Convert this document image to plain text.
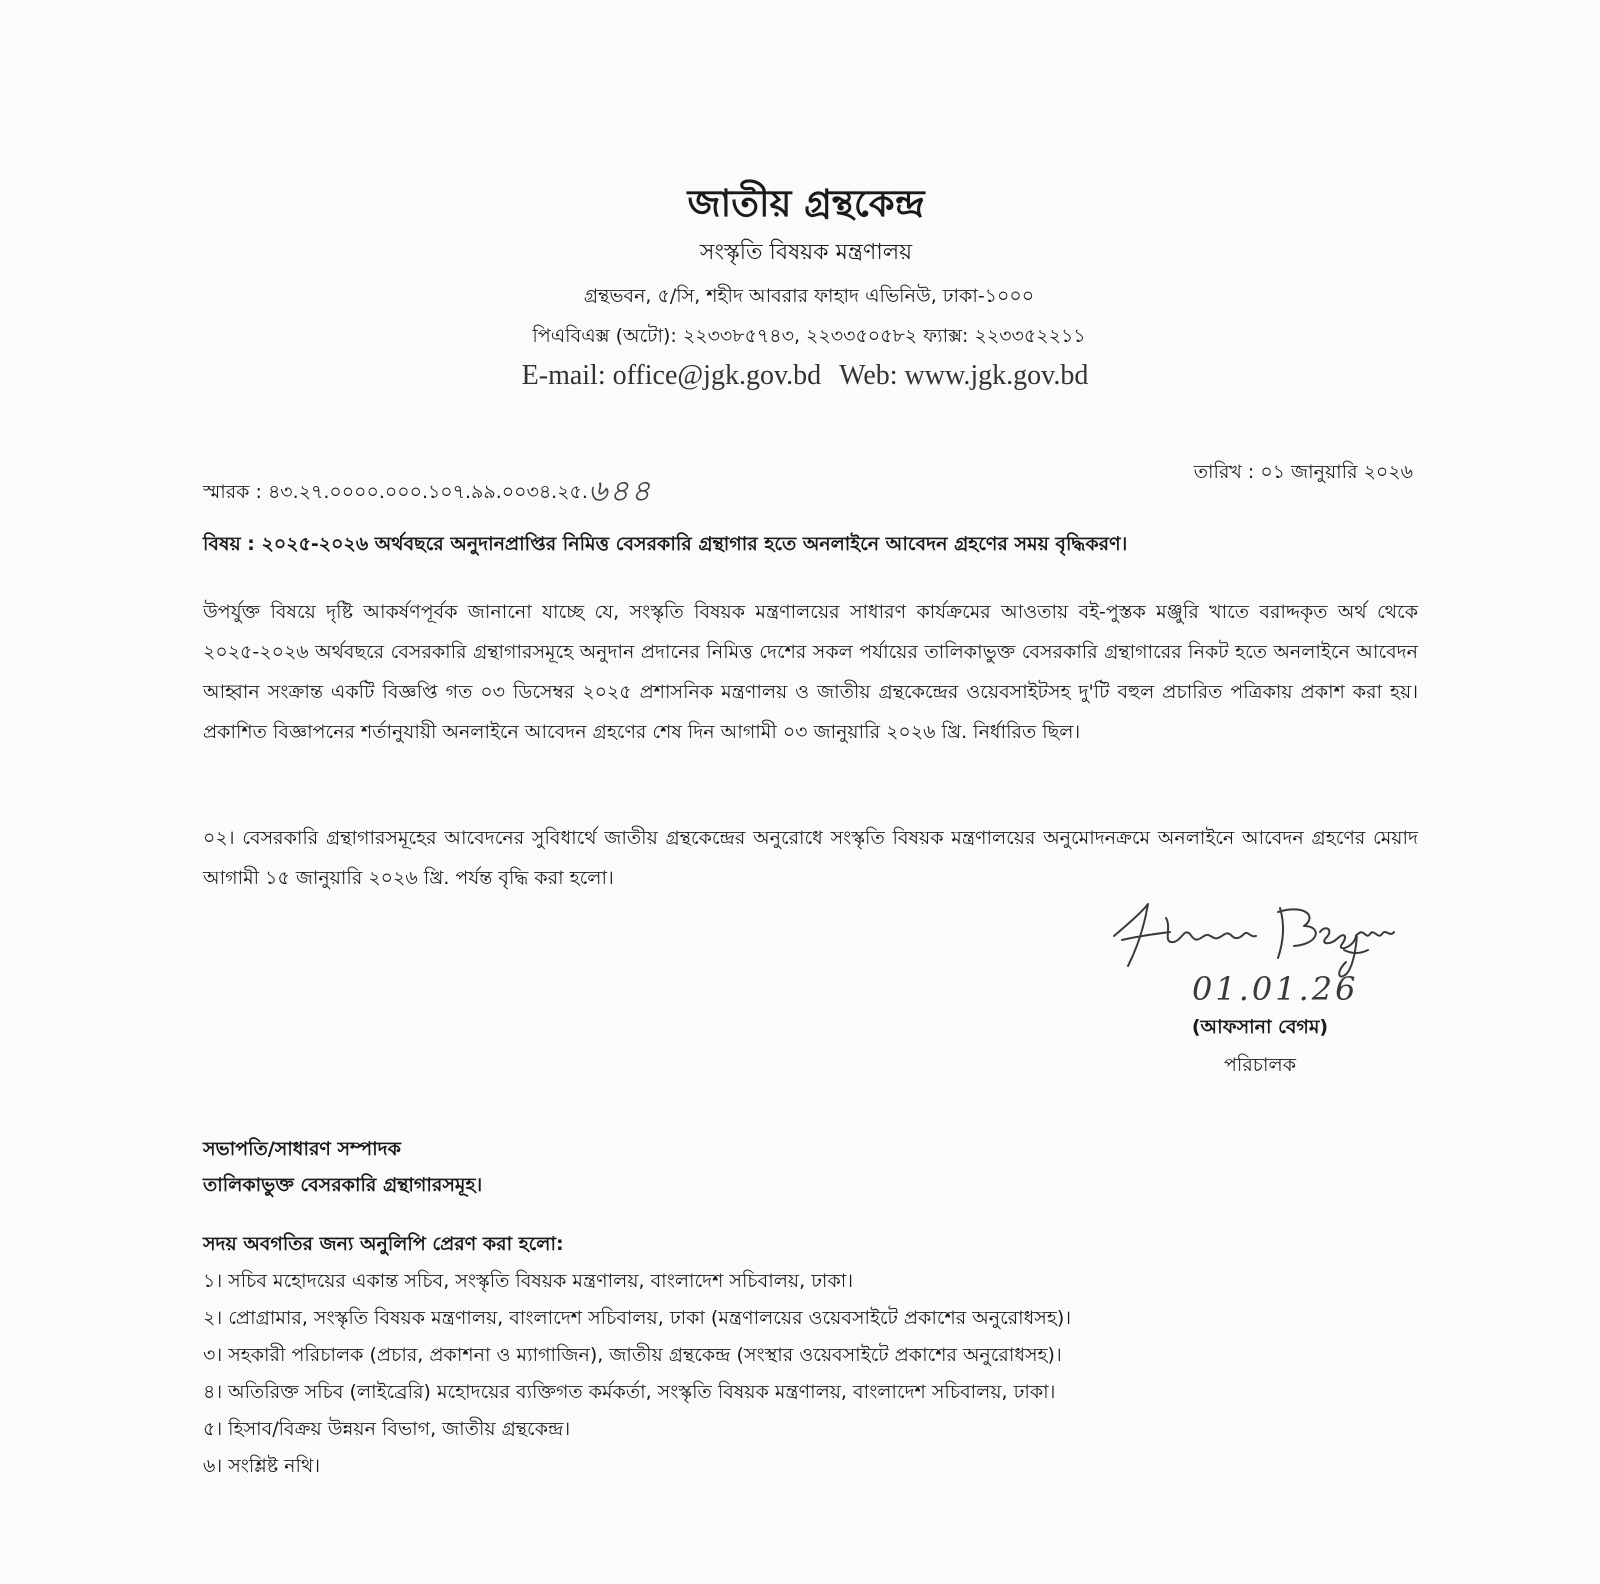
জাতীয় গ্রন্থকেন্দ্র
সংস্কৃতি বিষয়ক মন্ত্রণালয়
গ্রন্থভবন, ৫/সি, শহীদ আবরার ফাহাদ এভিনিউ, ঢাকা-১০০০
পিএবিএক্স (অটো): ২২৩৩৮৫৭৪৩, ২২৩৩৫০৫৮২ ফ্যাক্স: ২২৩৩৫২২১১
E-mail: office@jgk.gov.bd Web: www.jgk.gov.bd
স্মারক : ৪৩.২৭.০০০০.০০০.১০৭.৯৯.০০৩৪.২৫.৬৪৪
তারিখ : ০১ জানুয়ারি ২০২৬
বিষয় : ২০২৫-২০২৬ অর্থবছরে অনুদানপ্রাপ্তির নিমিত্ত বেসরকারি গ্রন্থাগার হতে অনলাইনে আবেদন গ্রহণের সময় বৃদ্ধিকরণ।
উপর্যুক্ত বিষয়ে দৃষ্টি আকর্ষণপূর্বক জানানো যাচ্ছে যে, সংস্কৃতি বিষয়ক মন্ত্রণালয়ের সাধারণ কার্যক্রমের আওতায় বই-পুস্তক মঞ্জুরি খাতে বরাদ্দকৃত অর্থ থেকে ২০২৫-২০২৬ অর্থবছরে বেসরকারি গ্রন্থাগারসমূহে অনুদান প্রদানের নিমিত্ত দেশের সকল পর্যায়ের তালিকাভুক্ত বেসরকারি গ্রন্থাগারের নিকট হতে অনলাইনে আবেদন আহ্বান সংক্রান্ত একটি বিজ্ঞপ্তি গত ০৩ ডিসেম্বর ২০২৫ প্রশাসনিক মন্ত্রণালয় ও জাতীয় গ্রন্থকেন্দ্রের ওয়েবসাইটসহ দু'টি বহুল প্রচারিত পত্রিকায় প্রকাশ করা হয়। প্রকাশিত বিজ্ঞাপনের শর্তানুযায়ী অনলাইনে আবেদন গ্রহণের শেষ দিন আগামী ০৩ জানুয়ারি ২০২৬ খ্রি. নির্ধারিত ছিল।
০২। বেসরকারি গ্রন্থাগারসমূহের আবেদনের সুবিধার্থে জাতীয় গ্রন্থকেন্দ্রের অনুরোধে সংস্কৃতি বিষয়ক মন্ত্রণালয়ের অনুমোদনক্রমে অনলাইনে আবেদন গ্রহণের মেয়াদ আগামী ১৫ জানুয়ারি ২০২৬ খ্রি. পর্যন্ত বৃদ্ধি করা হলো।
01.01.26
(আফসানা বেগম)
পরিচালক
সভাপতি/সাধারণ সম্পাদক
তালিকাভুক্ত বেসরকারি গ্রন্থাগারসমূহ।
সদয় অবগতির জন্য অনুলিপি প্রেরণ করা হলো:
১। সচিব মহোদয়ের একান্ত সচিব, সংস্কৃতি বিষয়ক মন্ত্রণালয়, বাংলাদেশ সচিবালয়, ঢাকা।
২। প্রোগ্রামার, সংস্কৃতি বিষয়ক মন্ত্রণালয়, বাংলাদেশ সচিবালয়, ঢাকা (মন্ত্রণালয়ের ওয়েবসাইটে প্রকাশের অনুরোধসহ)।
৩। সহকারী পরিচালক (প্রচার, প্রকাশনা ও ম্যাগাজিন), জাতীয় গ্রন্থকেন্দ্র (সংস্থার ওয়েবসাইটে প্রকাশের অনুরোধসহ)।
৪। অতিরিক্ত সচিব (লাইব্রেরি) মহোদয়ের ব্যক্তিগত কর্মকর্তা, সংস্কৃতি বিষয়ক মন্ত্রণালয়, বাংলাদেশ সচিবালয়, ঢাকা।
৫। হিসাব/বিক্রয় উন্নয়ন বিভাগ, জাতীয় গ্রন্থকেন্দ্র।
৬। সংশ্লিষ্ট নথি।
